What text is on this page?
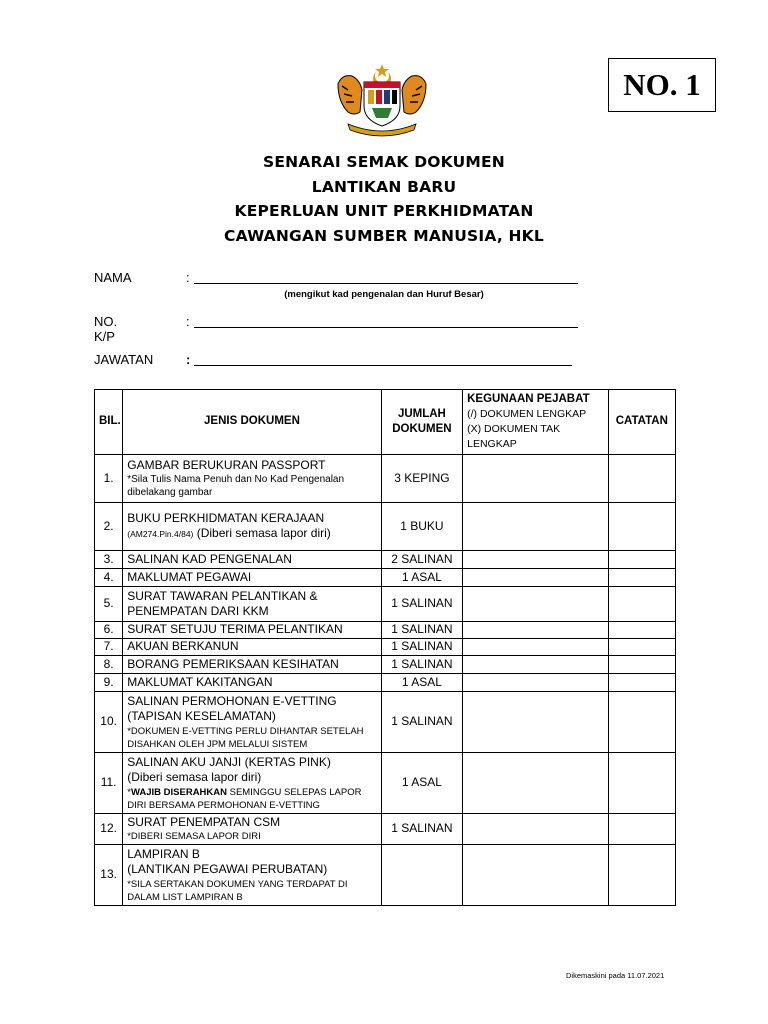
NO. 1
SENARAI SEMAK DOKUMEN
LANTIKAN BARU
KEPERLUAN UNIT PERKHIDMATAN
CAWANGAN SUMBER MANUSIA, HKL
NAMA	:
(mengikut kad pengenalan dan Huruf Besar)
NO. K/P
:
JAWATAN	:
BIL.	JENIS DOKUMEN	JUMLAH
DOKUMEN	KEGUNAAN PEJABAT
(/) DOKUMEN LENGKAP
(X) DOKUMEN TAK LENGKAP	CATATAN
1.	GAMBAR BERUKURAN PASSPORT
*Sila Tulis Nama Penuh dan No Kad Pengenalan dibelakang gambar	3 KEPING		
2.	BUKU PERKHIDMATAN KERAJAAN
(AM274.Pin.4/84) (Diberi semasa lapor diri)	1 BUKU		
3.	SALINAN KAD PENGENALAN	2 SALINAN		
4.	MAKLUMAT PEGAWAI	1 ASAL		
5.	SURAT TAWARAN PELANTIKAN &
PENEMPATAN DARI KKM	1 SALINAN		
6.	SURAT SETUJU TERIMA PELANTIKAN	1 SALINAN		
7.	AKUAN BERKANUN	1 SALINAN		
8.	BORANG PEMERIKSAAN KESIHATAN	1 SALINAN		
9.	MAKLUMAT KAKITANGAN	1 ASAL		
10.	SALINAN PERMOHONAN E-VETTING
(TAPISAN KESELAMATAN)
*DOKUMEN E-VETTING PERLU DIHANTAR SETELAH DISAHKAN OLEH JPM MELALUI SISTEM	1 SALINAN		
11.	SALINAN AKU JANJI (KERTAS PINK)
(Diberi semasa lapor diri)
*WAJIB DISERAHKAN SEMINGGU SELEPAS LAPOR DIRI BERSAMA PERMOHONAN E-VETTING	1 ASAL		
12.	SURAT PENEMPATAN CSM
*DIBERI SEMASA LAPOR DIRI	1 SALINAN		
13.	LAMPIRAN B
(LANTIKAN PEGAWAI PERUBATAN)
*SILA SERTAKAN DOKUMEN YANG TERDAPAT DI DALAM LIST LAMPIRAN B			

Dikemaskini pada 11.07.2021
